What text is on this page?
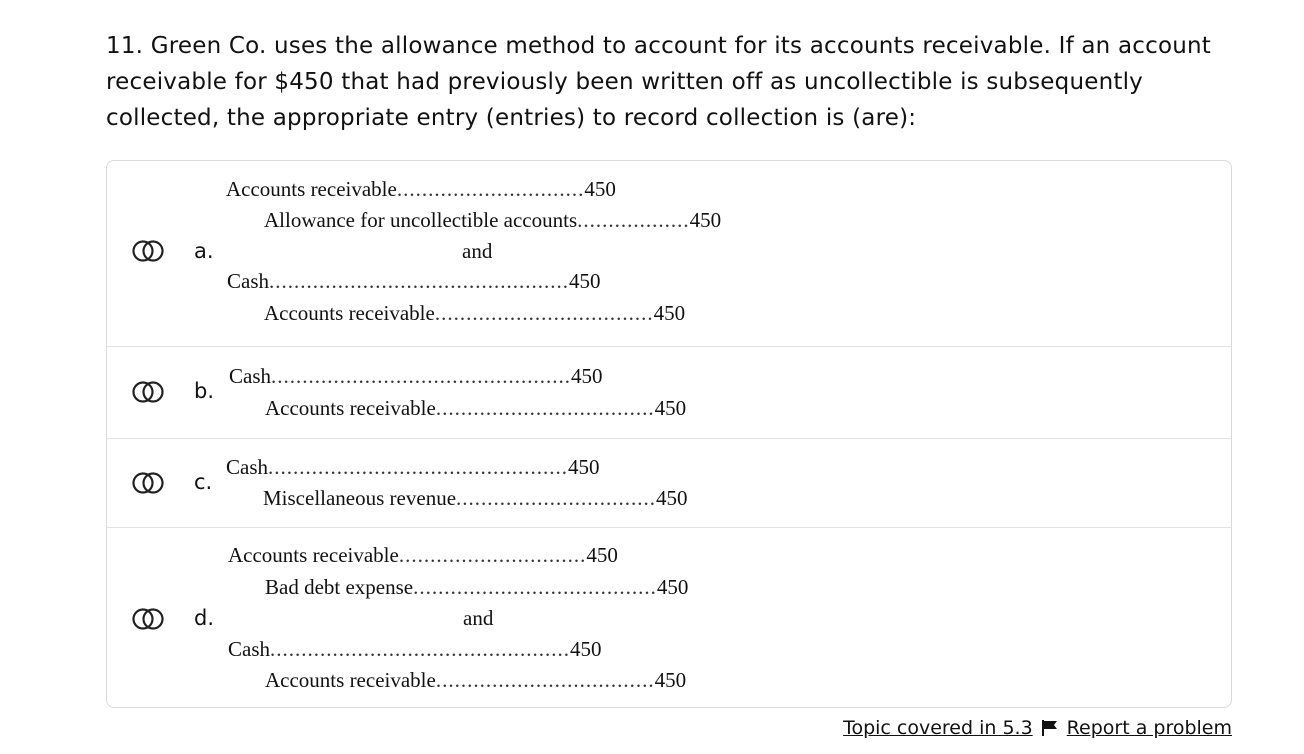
11. Green Co. uses the allowance method to account for its accounts receivable. If an account receivable for $450 that had previously been written off as uncollectible is subsequently collected, the appropriate entry (entries) to record collection is (are):
a.
Accounts receivable..............................450
Allowance for uncollectible accounts..................450
and
Cash................................................450
Accounts receivable...................................450
b.
Cash................................................450
Accounts receivable...................................450
c.
Cash................................................450
Miscellaneous revenue................................450
d.
Accounts receivable..............................450
Bad debt expense.......................................450
and
Cash................................................450
Accounts receivable...................................450
Topic covered in 5.3 Report a problem
